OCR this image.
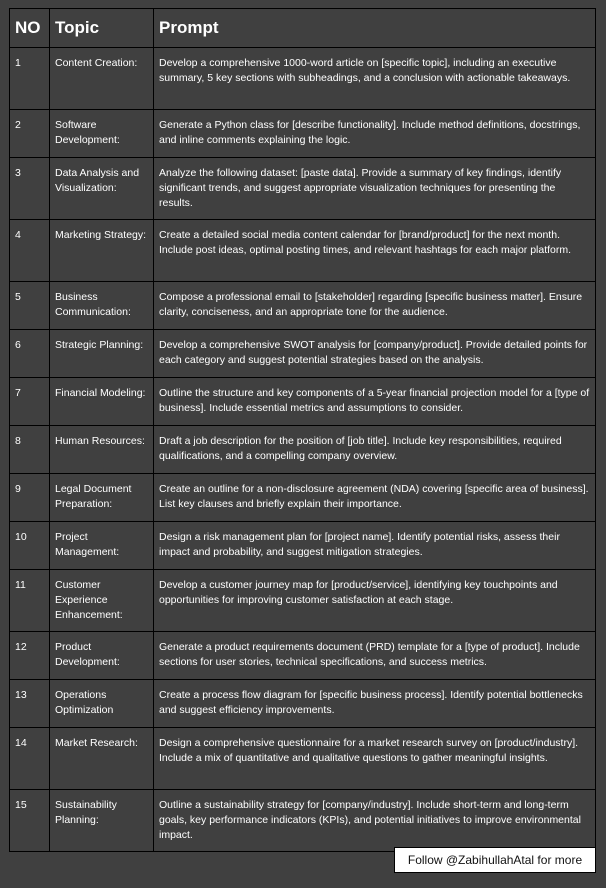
NO	Topic	Prompt
1	Content Creation:	Develop a comprehensive 1000-word article on [specific topic], including an executive summary, 5 key sections with subheadings, and a conclusion with actionable takeaways.
2	Software Development:	Generate a Python class for [describe functionality]. Include method definitions, docstrings, and inline comments explaining the logic.
3	Data Analysis and Visualization:	Analyze the following dataset: [paste data]. Provide a summary of key findings, identify significant trends, and suggest appropriate visualization techniques for presenting the results.
4	Marketing Strategy:	Create a detailed social media content calendar for [brand/product] for the next month. Include post ideas, optimal posting times, and relevant hashtags for each major platform.
5	Business Communication:	Compose a professional email to [stakeholder] regarding [specific business matter]. Ensure clarity, conciseness, and an appropriate tone for the audience.
6	Strategic Planning:	Develop a comprehensive SWOT analysis for [company/product]. Provide detailed points for each category and suggest potential strategies based on the analysis.
7	Financial Modeling:	Outline the structure and key components of a 5-year financial projection model for a [type of business]. Include essential metrics and assumptions to consider.
8	Human Resources:	Draft a job description for the position of [job title]. Include key responsibilities, required qualifications, and a compelling company overview.
9	Legal Document Preparation:	Create an outline for a non-disclosure agreement (NDA) covering [specific area of business]. List key clauses and briefly explain their importance.
10	Project Management:	Design a risk management plan for [project name]. Identify potential risks, assess their impact and probability, and suggest mitigation strategies.
11	Customer Experience Enhancement:	Develop a customer journey map for [product/service], identifying key touchpoints and opportunities for improving customer satisfaction at each stage.
12	Product Development:	Generate a product requirements document (PRD) template for a [type of product]. Include sections for user stories, technical specifications, and success metrics.
13	Operations Optimization	Create a process flow diagram for [specific business process]. Identify potential bottlenecks and suggest efficiency improvements.
14	Market Research:	Design a comprehensive questionnaire for a market research survey on [product/industry]. Include a mix of quantitative and qualitative questions to gather meaningful insights.
15	Sustainability Planning:	Outline a sustainability strategy for [company/industry]. Include short-term and long-term goals, key performance indicators (KPIs), and potential initiatives to improve environmental impact.
Follow @ZabihullahAtal for more
